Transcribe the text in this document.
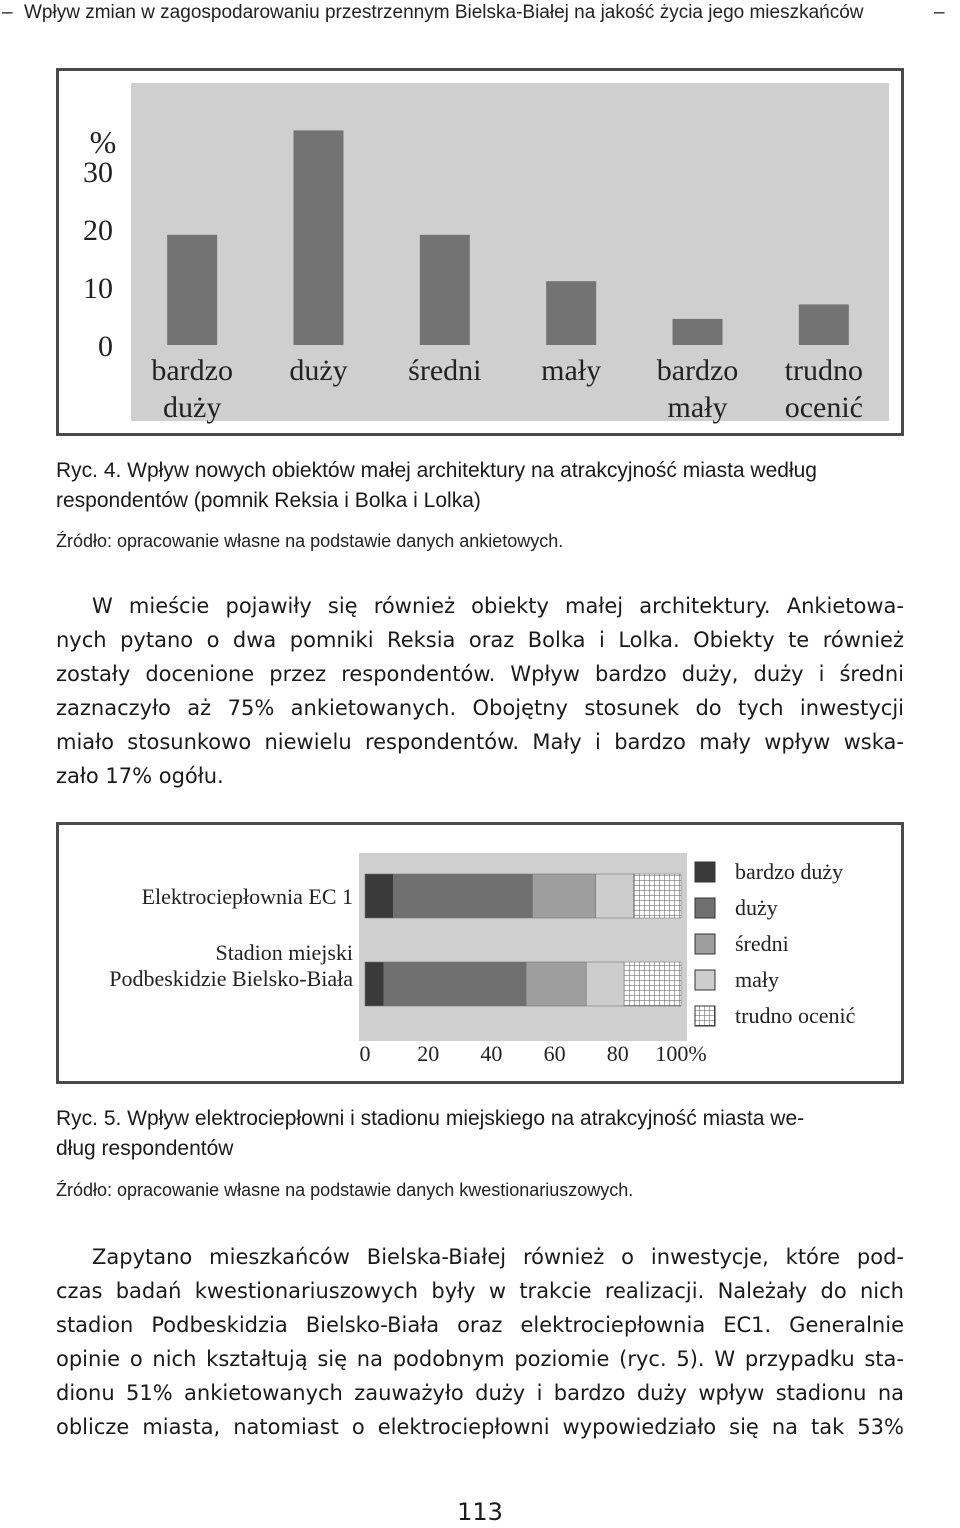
– Wpływ zmian w zagospodarowaniu przestrzennym Bielska-Białej na jakość życia jego mieszkańców	–
0
10
20
30
%
bardzo
duży
duży średni mały bardzo
mały
trudno
ocenić
Ryc. 4. Wpływ nowych obiektów małej architektury na atrakcyjność miasta według
respondentów (pomnik Reksia i Bolka i Lolka)
Źródło: opracowanie własne na podstawie danych ankietowych.
W mieście pojawiły się również obiekty małej architektury. Ankietowa-
nych pytano o dwa pomniki Reksia oraz Bolka i Lolka. Obiekty te również
zostały docenione przez respondentów. Wpływ bardzo duży, duży i średni
zaznaczyło aż 75% ankietowanych. Obojętny stosunek do tych inwestycji
miało stosunkowo niewielu respondentów. Mały i bardzo mały wpływ wska-
zało 17% ogółu.
Elektrociepłownia EC 1
Stadion miejski
Podbeskidzie Bielsko-Biała
0 20 40 60 80 100%
bardzo duży
duży
średni
mały
trudno ocenić
Ryc. 5. Wpływ elektrociepłowni i stadionu miejskiego na atrakcyjność miasta we-
dług respondentów
Źródło: opracowanie własne na podstawie danych kwestionariuszowych.
Zapytano mieszkańców Bielska-Białej również o inwestycje, które pod-
czas badań kwestionariuszowych były w trakcie realizacji. Należały do nich
stadion Podbeskidzia Bielsko-Biała oraz elektrociepłownia EC1. Generalnie
opinie o nich kształtują się na podobnym poziomie (ryc. 5). W przypadku sta-
dionu 51% ankietowanych zauważyło duży i bardzo duży wpływ stadionu na
oblicze miasta, natomiast o elektrociepłowni wypowiedziało się na tak 53%
113
